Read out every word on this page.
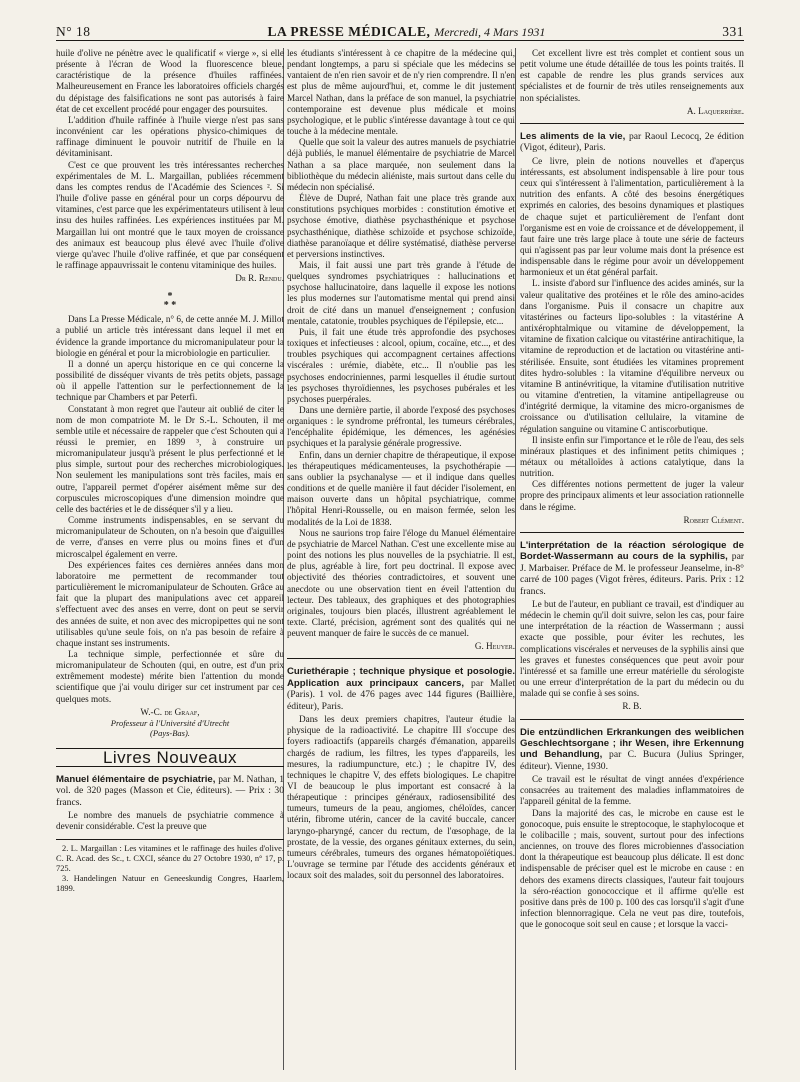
N° 18	LA PRESSE MÉDICALE, Mercredi, 4 Mars 1931	331

huile d'olive ne pénètre avec le qualificatif « vierge », si elle présente à l'écran de Wood la fluorescence bleue, caractéristique de la présence d'huiles raffinées. Malheureusement en France les laboratoires officiels chargés du dépistage des falsifications ne sont pas autorisés à faire état de cet excellent procédé pour engager des poursuites.

L'addition d'huile raffinée à l'huile vierge n'est pas sans inconvénient car les opérations physico-chimiques de raffinage diminuent le pouvoir nutritif de l'huile en la dévitaminisant.

C'est ce que prouvent les très intéressantes recherches expérimentales de M. L. Margaillan, publiées récemment dans les comptes rendus de l'Académie des Sciences ². Si l'huile d'olive passe en général pour un corps dépourvu de vitamines, c'est parce que les expérimentateurs utilisent à leur insu des huiles raffinées. Les expériences instituées par M. Margaillan lui ont montré que le taux moyen de croissance des animaux est beaucoup plus élevé avec l'huile d'olive vierge qu'avec l'huile d'olive raffinée, et que par conséquent le raffinage appauvrissait le contenu vitaminique des huiles.

Dr R. Rendu.
*
* *

Dans La Presse Médicale, n° 6, de cette année M. J. Millot a publié un article très intéressant dans lequel il met en évidence la grande importance du micromanipulateur pour la biologie en général et pour la microbiologie en particulier.

Il a donné un aperçu historique en ce qui concerne la possibilité de disséquer vivants de très petits objets, passage où il appelle l'attention sur le perfectionnement de la technique par Chambers et par Peterfi.

Constatant à mon regret que l'auteur ait oublié de citer le nom de mon compatriote M. le Dr S.-L. Schouten, il me semble utile et nécessaire de rappeler que c'est Schouten qui a réussi le premier, en 1899 ³, à construire un micromanipulateur jusqu'à présent le plus perfectionné et le plus simple, surtout pour des recherches microbiologiques. Non seulement les manipulations sont très faciles, mais en outre, l'appareil permet d'opérer aisément même sur des corpuscules microscopiques d'une dimension moindre que celle des bactéries et le de disséquer s'il y a lieu.

Comme instruments indispensables, en se servant du micromanipulateur de Schouten, on n'a besoin que d'aiguilles de verre, d'anses en verre plus ou moins fines et d'un microscalpel également en verre.

Des expériences faites ces dernières années dans mon laboratoire me permettent de recommander tout particulièrement le micromanipulateur de Schouten. Grâce au fait que la plupart des manipulations avec cet appareil s'effectuent avec des anses en verre, dont on peut se servir des années de suite, et non avec des micropipettes qui ne sont utilisables qu'une seule fois, on n'a pas besoin de refaire à chaque instant ses instruments.

La technique simple, perfectionnée et sûre du micromanipulateur de Schouten (qui, en outre, est d'un prix extrêmement modeste) mérite bien l'attention du monde scientifique que j'ai voulu diriger sur cet instrument par ces quelques mots.

W.-C. de Graaf,
Professeur à l'Université d'Utrecht
(Pays-Bas).
Livres Nouveaux
Manuel élémentaire de psychiatrie, par M. Nathan, 1 vol. de 320 pages (Masson et Cie, éditeurs). — Prix : 30 francs.

Le nombre des manuels de psychiatrie commence à devenir considérable. C'est la preuve que

2. L. Margaillan : Les vitamines et le raffinage des huiles d'olive. C. R. Acad. des Sc., t. CXCI, séance du 27 Octobre 1930, n° 17, p. 725.

3. Handelingen Natuur en Geneeskundig Congres, Haarlem, 1899.

les étudiants s'intéressent à ce chapitre de la médecine qui, pendant longtemps, a paru si spéciale que les médecins se vantaient de n'en rien savoir et de n'y rien comprendre. Il n'en est plus de même aujourd'hui, et, comme le dit justement Marcel Nathan, dans la préface de son manuel, la psychiatrie contemporaine est devenue plus médicale et moins psychologique, et le public s'intéresse davantage à tout ce qui touche à la médecine mentale.

Quelle que soit la valeur des autres manuels de psychiatrie déjà publiés, le manuel élémentaire de psychiatrie de Marcel Nathan a sa place marquée, non seulement dans la bibliothèque du médecin aliéniste, mais surtout dans celle du médecin non spécialisé.

Élève de Dupré, Nathan fait une place très grande aux constitutions psychiques morbides : constitution émotive et psychose émotive, diathèse psychasthénique et psychose psychasthénique, diathèse schizoïde et psychose schizoïde, diathèse paranoïaque et délire systématisé, diathèse perverse et perversions instinctives.

Mais, il fait aussi une part très grande à l'étude de quelques syndromes psychiatriques : hallucinations et psychose hallucinatoire, dans laquelle il expose les notions les plus modernes sur l'automatisme mental qui prend ainsi droit de cité dans un manuel d'enseignement ; confusion mentale, catatonie, troubles psychiques de l'épilepsie, etc...

Puis, il fait une étude très approfondie des psychoses toxiques et infectieuses : alcool, opium, cocaïne, etc..., et des troubles psychiques qui accompagnent certaines affections viscérales : urémie, diabète, etc... Il n'oublie pas les psychoses endocriniennes, parmi lesquelles il étudie surtout les psychoses thyroïdiennes, les psychoses pubérales et les psychoses puerpérales.

Dans une dernière partie, il aborde l'exposé des psychoses organiques : le syndrome préfrontal, les tumeurs cérébrales, l'encéphalite épidémique, les démences, les agénésies psychiques et la paralysie générale progressive.

Enfin, dans un dernier chapitre de thérapeutique, il expose les thérapeutiques médicamenteuses, la psychothérapie — sans oublier la psychanalyse — et il indique dans quelles conditions et de quelle manière il faut décider l'isolement, en maison ouverte dans un hôpital psychiatrique, comme l'hôpital Henri-Rousselle, ou en maison fermée, selon les modalités de la Loi de 1838.

Nous ne saurions trop faire l'éloge du Manuel élémentaire de psychiatrie de Marcel Nathan. C'est une excellente mise au point des notions les plus nouvelles de la psychiatrie. Il est, de plus, agréable à lire, fort peu doctrinal. Il expose avec objectivité des théories contradictoires, et souvent une anecdote ou une observation tient en éveil l'attention du lecteur. Des tableaux, des graphiques et des photographies originales, toujours bien placés, illustrent agréablement le texte. Clarté, précision, agrément sont des qualités qui ne peuvent manquer de faire le succès de ce manuel.

G. Heuyer.
Curiethérapie ; technique physique et posologie. Application aux principaux cancers, par Mallet (Paris). 1 vol. de 476 pages avec 144 figures (Baillière, éditeur), Paris.

Dans les deux premiers chapitres, l'auteur étudie la physique de la radioactivité. Le chapitre III s'occupe des foyers radioactifs (appareils chargés d'émanation, appareils chargés de radium, les filtres, les types d'appareils, les mesures, la radiumpuncture, etc.) ; le chapitre IV, des techniques le chapitre V, des effets biologiques. Le chapitre VI de beaucoup le plus important est consacré à la thérapeutique : principes généraux, radiosensibilité des tumeurs, tumeurs de la peau, angiomes, chéloïdes, cancer utérin, fibrome utérin, cancer de la cavité buccale, cancer laryngo-pharyngé, cancer du rectum, de l'œsophage, de la prostate, de la vessie, des organes génitaux externes, du sein, tumeurs cérébrales, tumeurs des organes hématopoïétiques. L'ouvrage se termine par l'étude des accidents généraux et locaux soit des malades, soit du personnel des laboratoires.

Cet excellent livre est très complet et contient sous un petit volume une étude détaillée de tous les points traités. Il est capable de rendre les plus grands services aux spécialistes et de fournir de très utiles renseignements aux non spécialistes.

A. Laquerrière.
Les aliments de la vie, par Raoul Lecocq, 2e édition (Vigot, éditeur), Paris.

Ce livre, plein de notions nouvelles et d'aperçus intéressants, est absolument indispensable à lire pour tous ceux qui s'intéressent à l'alimentation, particulièrement à la nutrition des enfants. A côté des besoins énergétiques exprimés en calories, des besoins dynamiques et plastiques de chaque sujet et particulièrement de l'enfant dont l'organisme est en voie de croissance et de développement, il faut faire une très large place à toute une série de facteurs qui n'agissent pas par leur volume mais dont la présence est indispensable dans le régime pour avoir un développement harmonieux et un état général parfait.

L. insiste d'abord sur l'influence des acides aminés, sur la valeur qualitative des protéines et le rôle des amino-acides dans l'organisme. Puis il consacre un chapitre aux vitastérines ou facteurs lipo-solubles : la vitastérine A antixérophtalmique ou vitamine de développement, la vitamine de fixation calcique ou vitastérine antirachitique, la vitamine de reproduction et de lactation ou vitastérine anti-stérilisée. Ensuite, sont étudiées les vitamines proprement dites hydro-solubles : la vitamine d'équilibre nerveux ou vitamine B antinévritique, la vitamine d'utilisation nutritive ou vitamine d'entretien, la vitamine antipellagreuse ou d'intégrité dermique, la vitamine des micro-organismes de croissance ou d'utilisation cellulaire, la vitamine de régulation sanguine ou vitamine C antiscorbutique.

Il insiste enfin sur l'importance et le rôle de l'eau, des sels minéraux plastiques et des infiniment petits chimiques ; métaux ou métalloïdes à actions catalytique, dans la nutrition.

Ces différentes notions permettent de juger la valeur propre des principaux aliments et leur association rationnelle dans le régime.

Robert Clément.
L'interprétation de la réaction sérologique de Bordet-Wassermann au cours de la syphilis, par J. Marbaiser. Préface de M. le professeur Jeanselme, in-8° carré de 100 pages (Vigot frères, éditeurs. Paris. Prix : 12 francs.

Le but de l'auteur, en publiant ce travail, est d'indiquer au médecin le chemin qu'il doit suivre, selon les cas, pour faire une interprétation de la réaction de Wassermann ; aussi exacte que possible, pour éviter les rechutes, les complications viscérales et nerveuses de la syphilis ainsi que les graves et funestes conséquences que peut avoir pour l'intéressé et sa famille une erreur matérielle du sérologiste ou une erreur d'interprétation de la part du médecin ou du malade qui se confie à ses soins.

R. B.
Die entzündlichen Erkrankungen des weiblichen Geschlechtsorgane ; ihr Wesen, ihre Erkennung und Behandlung, par C. Bucura (Julius Springer, éditeur). Vienne, 1930.

Ce travail est le résultat de vingt années d'expérience consacrées au traitement des maladies inflammatoires de l'appareil génital de la femme.

Dans la majorité des cas, le microbe en cause est le gonocoque, puis ensuite le streptocoque, le staphylocoque et le colibacille ; mais, souvent, surtout pour des infections anciennes, on trouve des flores microbiennes d'association dont la thérapeutique est beaucoup plus délicate. Il est donc indispensable de préciser quel est le microbe en cause : en dehors des examens directs classiques, l'auteur fait toujours la séro-réaction gonococcique et il affirme qu'elle est positive dans près de 100 p. 100 des cas lorsqu'il s'agit d'une infection blennorragique. Cela ne veut pas dire, toutefois, que le gonocoque soit seul en cause ; et lorsque la vacci-
